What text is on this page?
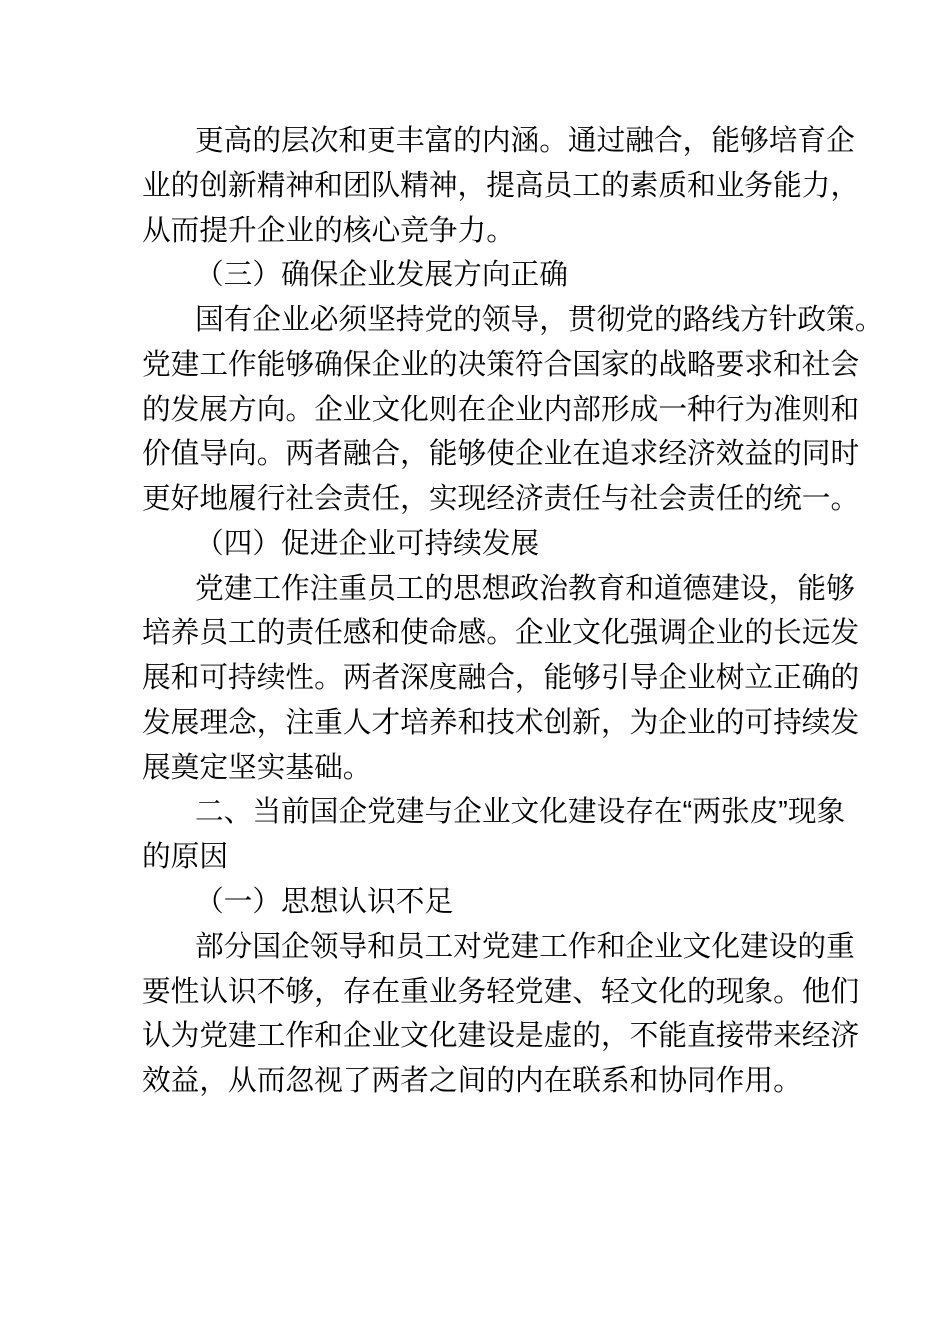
更高的层次和更丰富的内涵。通过融合，能够培育企
业的创新精神和团队精神，提高员工的素质和业务能力，
从而提升企业的核心竞争力。
（三）确保企业发展方向正确
国有企业必须坚持党的领导，贯彻党的路线方针政策。
党建工作能够确保企业的决策符合国家的战略要求和社会
的发展方向。企业文化则在企业内部形成一种行为准则和
价值导向。两者融合，能够使企业在追求经济效益的同时
更好地履行社会责任，实现经济责任与社会责任的统一。
（四）促进企业可持续发展
党建工作注重员工的思想政治教育和道德建设，能够
培养员工的责任感和使命感。企业文化强调企业的长远发
展和可持续性。两者深度融合，能够引导企业树立正确的
发展理念，注重人才培养和技术创新，为企业的可持续发
展奠定坚实基础。
二、当前国企党建与企业文化建设存在“两张皮”现象
的原因
（一）思想认识不足
部分国企领导和员工对党建工作和企业文化建设的重
要性认识不够，存在重业务轻党建、轻文化的现象。他们
认为党建工作和企业文化建设是虚的，不能直接带来经济
效益，从而忽视了两者之间的内在联系和协同作用。
